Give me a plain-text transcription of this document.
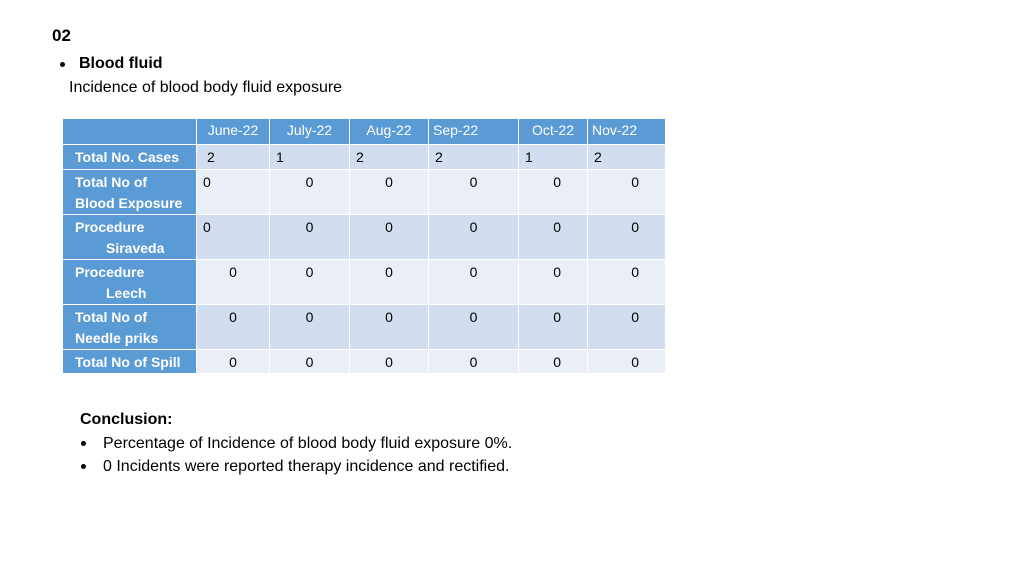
02
Blood fluid
Incidence of blood body fluid exposure
	June-22	July-22	Aug-22	Sep-22	Oct-22	Nov-22
Total No. Cases	2	1	2	2	1	2
Total No of
Blood Exposure	0	0	0	0	0	0
Procedure
Siraveda	0	0	0	0	0	0
Procedure
Leech	0	0	0	0	0	0
Total No of
Needle priks	0	0	0	0	0	0
Total No of Spill	0	0	0	0	0	0
Conclusion:
Percentage of Incidence of blood body fluid exposure 0%.
0 Incidents were reported therapy incidence and rectified.
